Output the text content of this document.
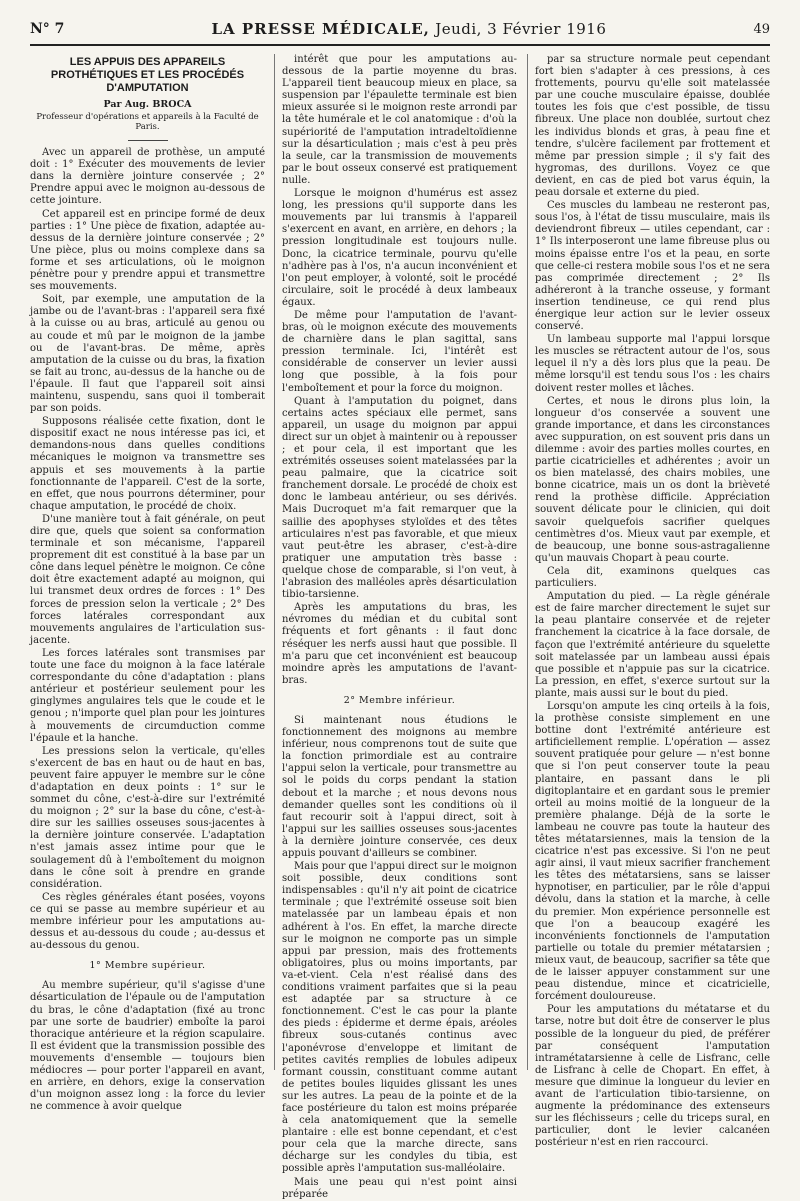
N° 7	LA PRESSE MÉDICALE, Jeudi, 3 Février 1916	49
LES APPUIS DES APPAREILS PROTHÉTIQUES ET LES PROCÉDÉS D'AMPUTATION
Par Aug. BROCA
Professeur d'opérations et appareils à la Faculté de Paris.

Avec un appareil de prothèse, un amputé doit : 1° Exécuter des mouvements de levier dans la dernière jointure conservée ; 2° Prendre appui avec le moignon au-dessous de cette jointure.

Cet appareil est en principe formé de deux parties : 1° Une pièce de fixation, adaptée au-dessus de la dernière jointure conservée ; 2° Une pièce, plus ou moins complexe dans sa forme et ses articulations, où le moignon pénètre pour y prendre appui et transmettre ses mouvements.

Soit, par exemple, une amputation de la jambe ou de l'avant-bras : l'appareil sera fixé à la cuisse ou au bras, articulé au genou ou au coude et mû par le moignon de la jambe ou de l'avant-bras. De même, après amputation de la cuisse ou du bras, la fixation se fait au tronc, au-dessus de la hanche ou de l'épaule. Il faut que l'appareil soit ainsi maintenu, suspendu, sans quoi il tomberait par son poids.

Supposons réalisée cette fixation, dont le dispositif exact ne nous intéresse pas ici, et demandons-nous dans quelles conditions mécaniques le moignon va transmettre ses appuis et ses mouvements à la partie fonctionnante de l'appareil. C'est de la sorte, en effet, que nous pourrons déterminer, pour chaque amputation, le procédé de choix.

D'une manière tout à fait générale, on peut dire que, quels que soient sa conformation terminale et son mécanisme, l'appareil proprement dit est constitué à la base par un cône dans lequel pénètre le moignon. Ce cône doit être exactement adapté au moignon, qui lui transmet deux ordres de forces : 1° Des forces de pression selon la verticale ; 2° Des forces latérales correspondant aux mouvements angulaires de l'articulation sus-jacente.

Les forces latérales sont transmises par toute une face du moignon à la face latérale correspondante du cône d'adaptation : plans antérieur et postérieur seulement pour les ginglymes angulaires tels que le coude et le genou ; n'importe quel plan pour les jointures à mouvements de circumduction comme l'épaule et la hanche.

Les pressions selon la verticale, qu'elles s'exercent de bas en haut ou de haut en bas, peuvent faire appuyer le membre sur le cône d'adaptation en deux points : 1° sur le sommet du cône, c'est-à-dire sur l'extrémité du moignon ; 2° sur la base du cône, c'est-à-dire sur les saillies osseuses sous-jacentes à la dernière jointure conservée. L'adaptation n'est jamais assez intime pour que le soulagement dû à l'emboîtement du moignon dans le cône soit à prendre en grande considération.

Ces règles générales étant posées, voyons ce qui se passe au membre supérieur et au membre inférieur pour les amputations au-dessus et au-dessous du coude ; au-dessus et au-dessous du genou.

1° Membre supérieur.

Au membre supérieur, qu'il s'agisse d'une désarticulation de l'épaule ou de l'amputation du bras, le cône d'adaptation (fixé au tronc par une sorte de baudrier) emboîte la paroi thoracique antérieure et la région scapulaire. Il est évident que la transmission possible des mouvements d'ensemble — toujours bien médiocres — pour porter l'appareil en avant, en arrière, en dehors, exige la conservation d'un moignon assez long : la force du levier ne commence à avoir quelque

intérêt que pour les amputations au-dessous de la partie moyenne du bras. L'appareil tient beaucoup mieux en place, sa suspension par l'épaulette terminale est bien mieux assurée si le moignon reste arrondi par la tête humérale et le col anatomique : d'où la supériorité de l'amputation intradeltoïdienne sur la désarticulation ; mais c'est à peu près la seule, car la transmission de mouvements par le bout osseux conservé est pratiquement nulle.

Lorsque le moignon d'humérus est assez long, les pressions qu'il supporte dans les mouvements par lui transmis à l'appareil s'exercent en avant, en arrière, en dehors ; la pression longitudinale est toujours nulle. Donc, la cicatrice terminale, pourvu qu'elle n'adhère pas à l'os, n'a aucun inconvénient et l'on peut employer, à volonté, soit le procédé circulaire, soit le procédé à deux lambeaux égaux.

De même pour l'amputation de l'avant-bras, où le moignon exécute des mouvements de charnière dans le plan sagittal, sans pression terminale. Ici, l'intérêt est considérable de conserver un levier aussi long que possible, à la fois pour l'emboîtement et pour la force du moignon.

Quant à l'amputation du poignet, dans certains actes spéciaux elle permet, sans appareil, un usage du moignon par appui direct sur un objet à maintenir ou à repousser ; et pour cela, il est important que les extrémités osseuses soient matelassées par la peau palmaire, que la cicatrice soit franchement dorsale. Le procédé de choix est donc le lambeau antérieur, ou ses dérivés. Mais Ducroquet m'a fait remarquer que la saillie des apophyses styloïdes et des têtes articulaires n'est pas favorable, et que mieux vaut peut-être les abraser, c'est-à-dire pratiquer une amputation très basse : quelque chose de comparable, si l'on veut, à l'abrasion des malléoles après désarticulation tibio-tarsienne.

Après les amputations du bras, les névromes du médian et du cubital sont fréquents et fort gênants : il faut donc réséquer les nerfs aussi haut que possible. Il m'a paru que cet inconvénient est beaucoup moindre après les amputations de l'avant-bras.

2° Membre inférieur.

Si maintenant nous étudions le fonctionnement des moignons au membre inférieur, nous comprenons tout de suite que la fonction primordiale est au contraire l'appui selon la verticale, pour transmettre au sol le poids du corps pendant la station debout et la marche ; et nous devons nous demander quelles sont les conditions où il faut recourir soit à l'appui direct, soit à l'appui sur les saillies osseuses sous-jacentes à la dernière jointure conservée, ces deux appuis pouvant d'ailleurs se combiner.

Mais pour que l'appui direct sur le moignon soit possible, deux conditions sont indispensables : qu'il n'y ait point de cicatrice terminale ; que l'extrémité osseuse soit bien matelassée par un lambeau épais et non adhérent à l'os. En effet, la marche directe sur le moignon ne comporte pas un simple appui par pression, mais des frottements obligatoires, plus ou moins importants, par va-et-vient. Cela n'est réalisé dans des conditions vraiment parfaites que si la peau est adaptée par sa structure à ce fonctionnement. C'est le cas pour la plante des pieds : épiderme et derme épais, aréoles fibreux sous-cutanés continus avec l'aponévrose d'enveloppe et limitant de petites cavités remplies de lobules adipeux formant coussin, constituant comme autant de petites boules liquides glissant les unes sur les autres. La peau de la pointe et de la face postérieure du talon est moins préparée à cela anatomiquement que la semelle plantaire : elle est bonne cependant, et c'est pour cela que la marche directe, sans décharge sur les condyles du tibia, est possible après l'amputation sus-malléolaire.

Mais une peau qui n'est point ainsi préparée

par sa structure normale peut cependant fort bien s'adapter à ces pressions, à ces frottements, pourvu qu'elle soit matelassée par une couche musculaire épaisse, doublée toutes les fois que c'est possible, de tissu fibreux. Une place non doublée, surtout chez les individus blonds et gras, à peau fine et tendre, s'ulcère facilement par frottement et même par pression simple ; il s'y fait des hygromas, des durillons. Voyez ce que devient, en cas de pied bot varus équin, la peau dorsale et externe du pied.

Ces muscles du lambeau ne resteront pas, sous l'os, à l'état de tissu musculaire, mais ils deviendront fibreux — utiles cependant, car : 1° Ils interposeront une lame fibreuse plus ou moins épaisse entre l'os et la peau, en sorte que celle-ci restera mobile sous l'os et ne sera pas comprimée directement ; 2° Ils adhéreront à la tranche osseuse, y formant insertion tendineuse, ce qui rend plus énergique leur action sur le levier osseux conservé.

Un lambeau supporte mal l'appui lorsque les muscles se rétractent autour de l'os, sous lequel il n'y a dès lors plus que la peau. De même lorsqu'il est tendu sous l'os : les chairs doivent rester molles et lâches.

Certes, et nous le dirons plus loin, la longueur d'os conservée a souvent une grande importance, et dans les circonstances avec suppuration, on est souvent pris dans un dilemme : avoir des parties molles courtes, en partie cicatricielles et adhérentes ; avoir un os bien matelassé, des chairs mobiles, une bonne cicatrice, mais un os dont la brièveté rend la prothèse difficile. Appréciation souvent délicate pour le clinicien, qui doit savoir quelquefois sacrifier quelques centimètres d'os. Mieux vaut par exemple, et de beaucoup, une bonne sous-astragalienne qu'un mauvais Chopart à peau courte.

Cela dit, examinons quelques cas particuliers.

Amputation du pied. — La règle générale est de faire marcher directement le sujet sur la peau plantaire conservée et de rejeter franchement la cicatrice à la face dorsale, de façon que l'extrémité antérieure du squelette soit matelassée par un lambeau aussi épais que possible et n'appuie pas sur la cicatrice. La pression, en effet, s'exerce surtout sur la plante, mais aussi sur le bout du pied.

Lorsqu'on ampute les cinq orteils à la fois, la prothèse consiste simplement en une bottine dont l'extrémité antérieure est artificiellement remplie. L'opération — assez souvent pratiquée pour gelure — n'est bonne que si l'on peut conserver toute la peau plantaire, en passant dans le pli digitoplantaire et en gardant sous le premier orteil au moins moitié de la longueur de la première phalange. Déjà de la sorte le lambeau ne couvre pas toute la hauteur des têtes métatarsiennes, mais la tension de la cicatrice n'est pas excessive. Si l'on ne peut agir ainsi, il vaut mieux sacrifier franchement les têtes des métatarsiens, sans se laisser hypnotiser, en particulier, par le rôle d'appui dévolu, dans la station et la marche, à celle du premier. Mon expérience personnelle est que l'on a beaucoup exagéré les inconvénients fonctionnels de l'amputation partielle ou totale du premier métatarsien ; mieux vaut, de beaucoup, sacrifier sa tête que de le laisser appuyer constamment sur une peau distendue, mince et cicatricielle, forcément douloureuse.

Pour les amputations du métatarse et du tarse, notre but doit être de conserver le plus possible de la longueur du pied, de préférer par conséquent l'amputation intramétatarsienne à celle de Lisfranc, celle de Lisfranc à celle de Chopart. En effet, à mesure que diminue la longueur du levier en avant de l'articulation tibio-tarsienne, on augmente la prédominance des extenseurs sur les fléchisseurs ; celle du triceps sural, en particulier, dont le levier calcanéen postérieur n'est en rien raccourci.
